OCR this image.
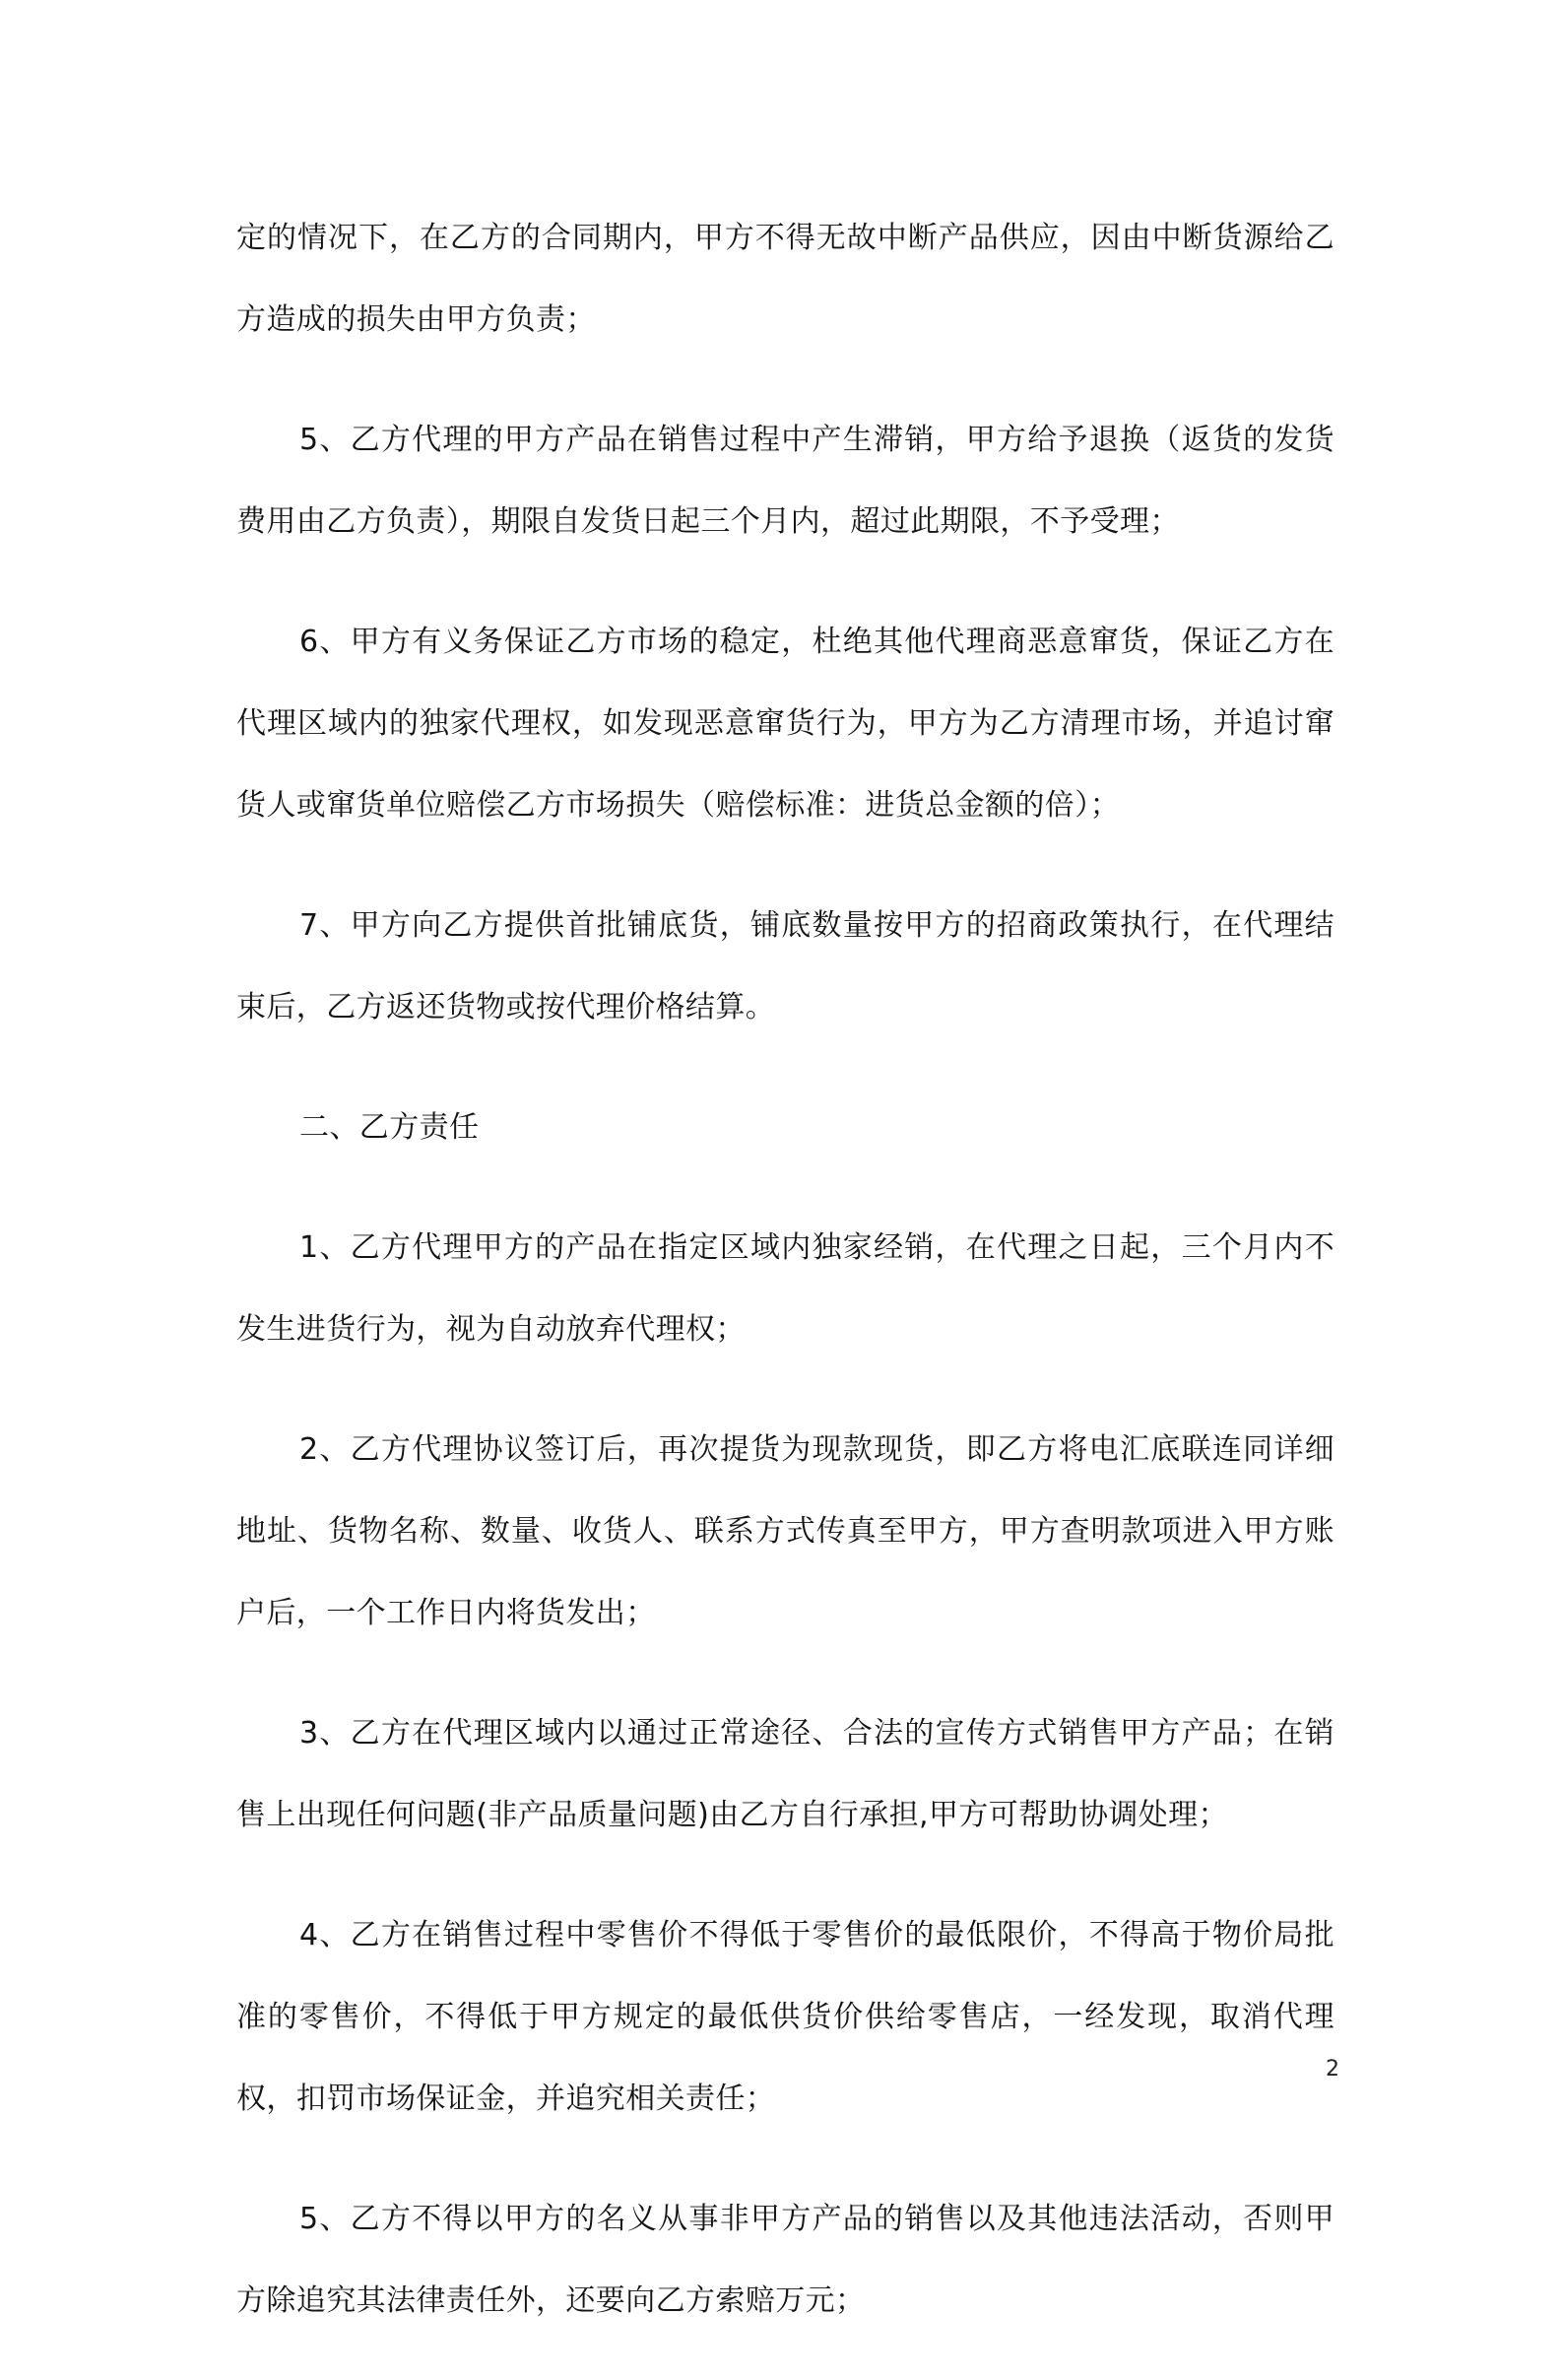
定的情况下，在乙方的合同期内，甲方不得无故中断产品供应，因由中断货源给乙方造成的损失由甲方负责；

5、乙方代理的甲方产品在销售过程中产生滞销，甲方给予退换（返货的发货费用由乙方负责），期限自发货日起三个月内，超过此期限，不予受理；

6、甲方有义务保证乙方市场的稳定，杜绝其他代理商恶意窜货，保证乙方在代理区域内的独家代理权，如发现恶意窜货行为，甲方为乙方清理市场，并追讨窜货人或窜货单位赔偿乙方市场损失（赔偿标准：进货总金额的倍）；

7、甲方向乙方提供首批铺底货，铺底数量按甲方的招商政策执行，在代理结束后，乙方返还货物或按代理价格结算。

二、乙方责任

1、乙方代理甲方的产品在指定区域内独家经销，在代理之日起，三个月内不发生进货行为，视为自动放弃代理权；

2、乙方代理协议签订后，再次提货为现款现货，即乙方将电汇底联连同详细地址、货物名称、数量、收货人、联系方式传真至甲方，甲方查明款项进入甲方账户后，一个工作日内将货发出；

3、乙方在代理区域内以通过正常途径、合法的宣传方式销售甲方产品；在销售上出现任何问题(非产品质量问题)由乙方自行承担,甲方可帮助协调处理；

4、乙方在销售过程中零售价不得低于零售价的最低限价，不得高于物价局批准的零售价，不得低于甲方规定的最低供货价供给零售店，一经发现，取消代理权，扣罚市场保证金，并追究相关责任；

5、乙方不得以甲方的名义从事非甲方产品的销售以及其他违法活动，否则甲方除追究其法律责任外，还要向乙方索赔万元；

2
